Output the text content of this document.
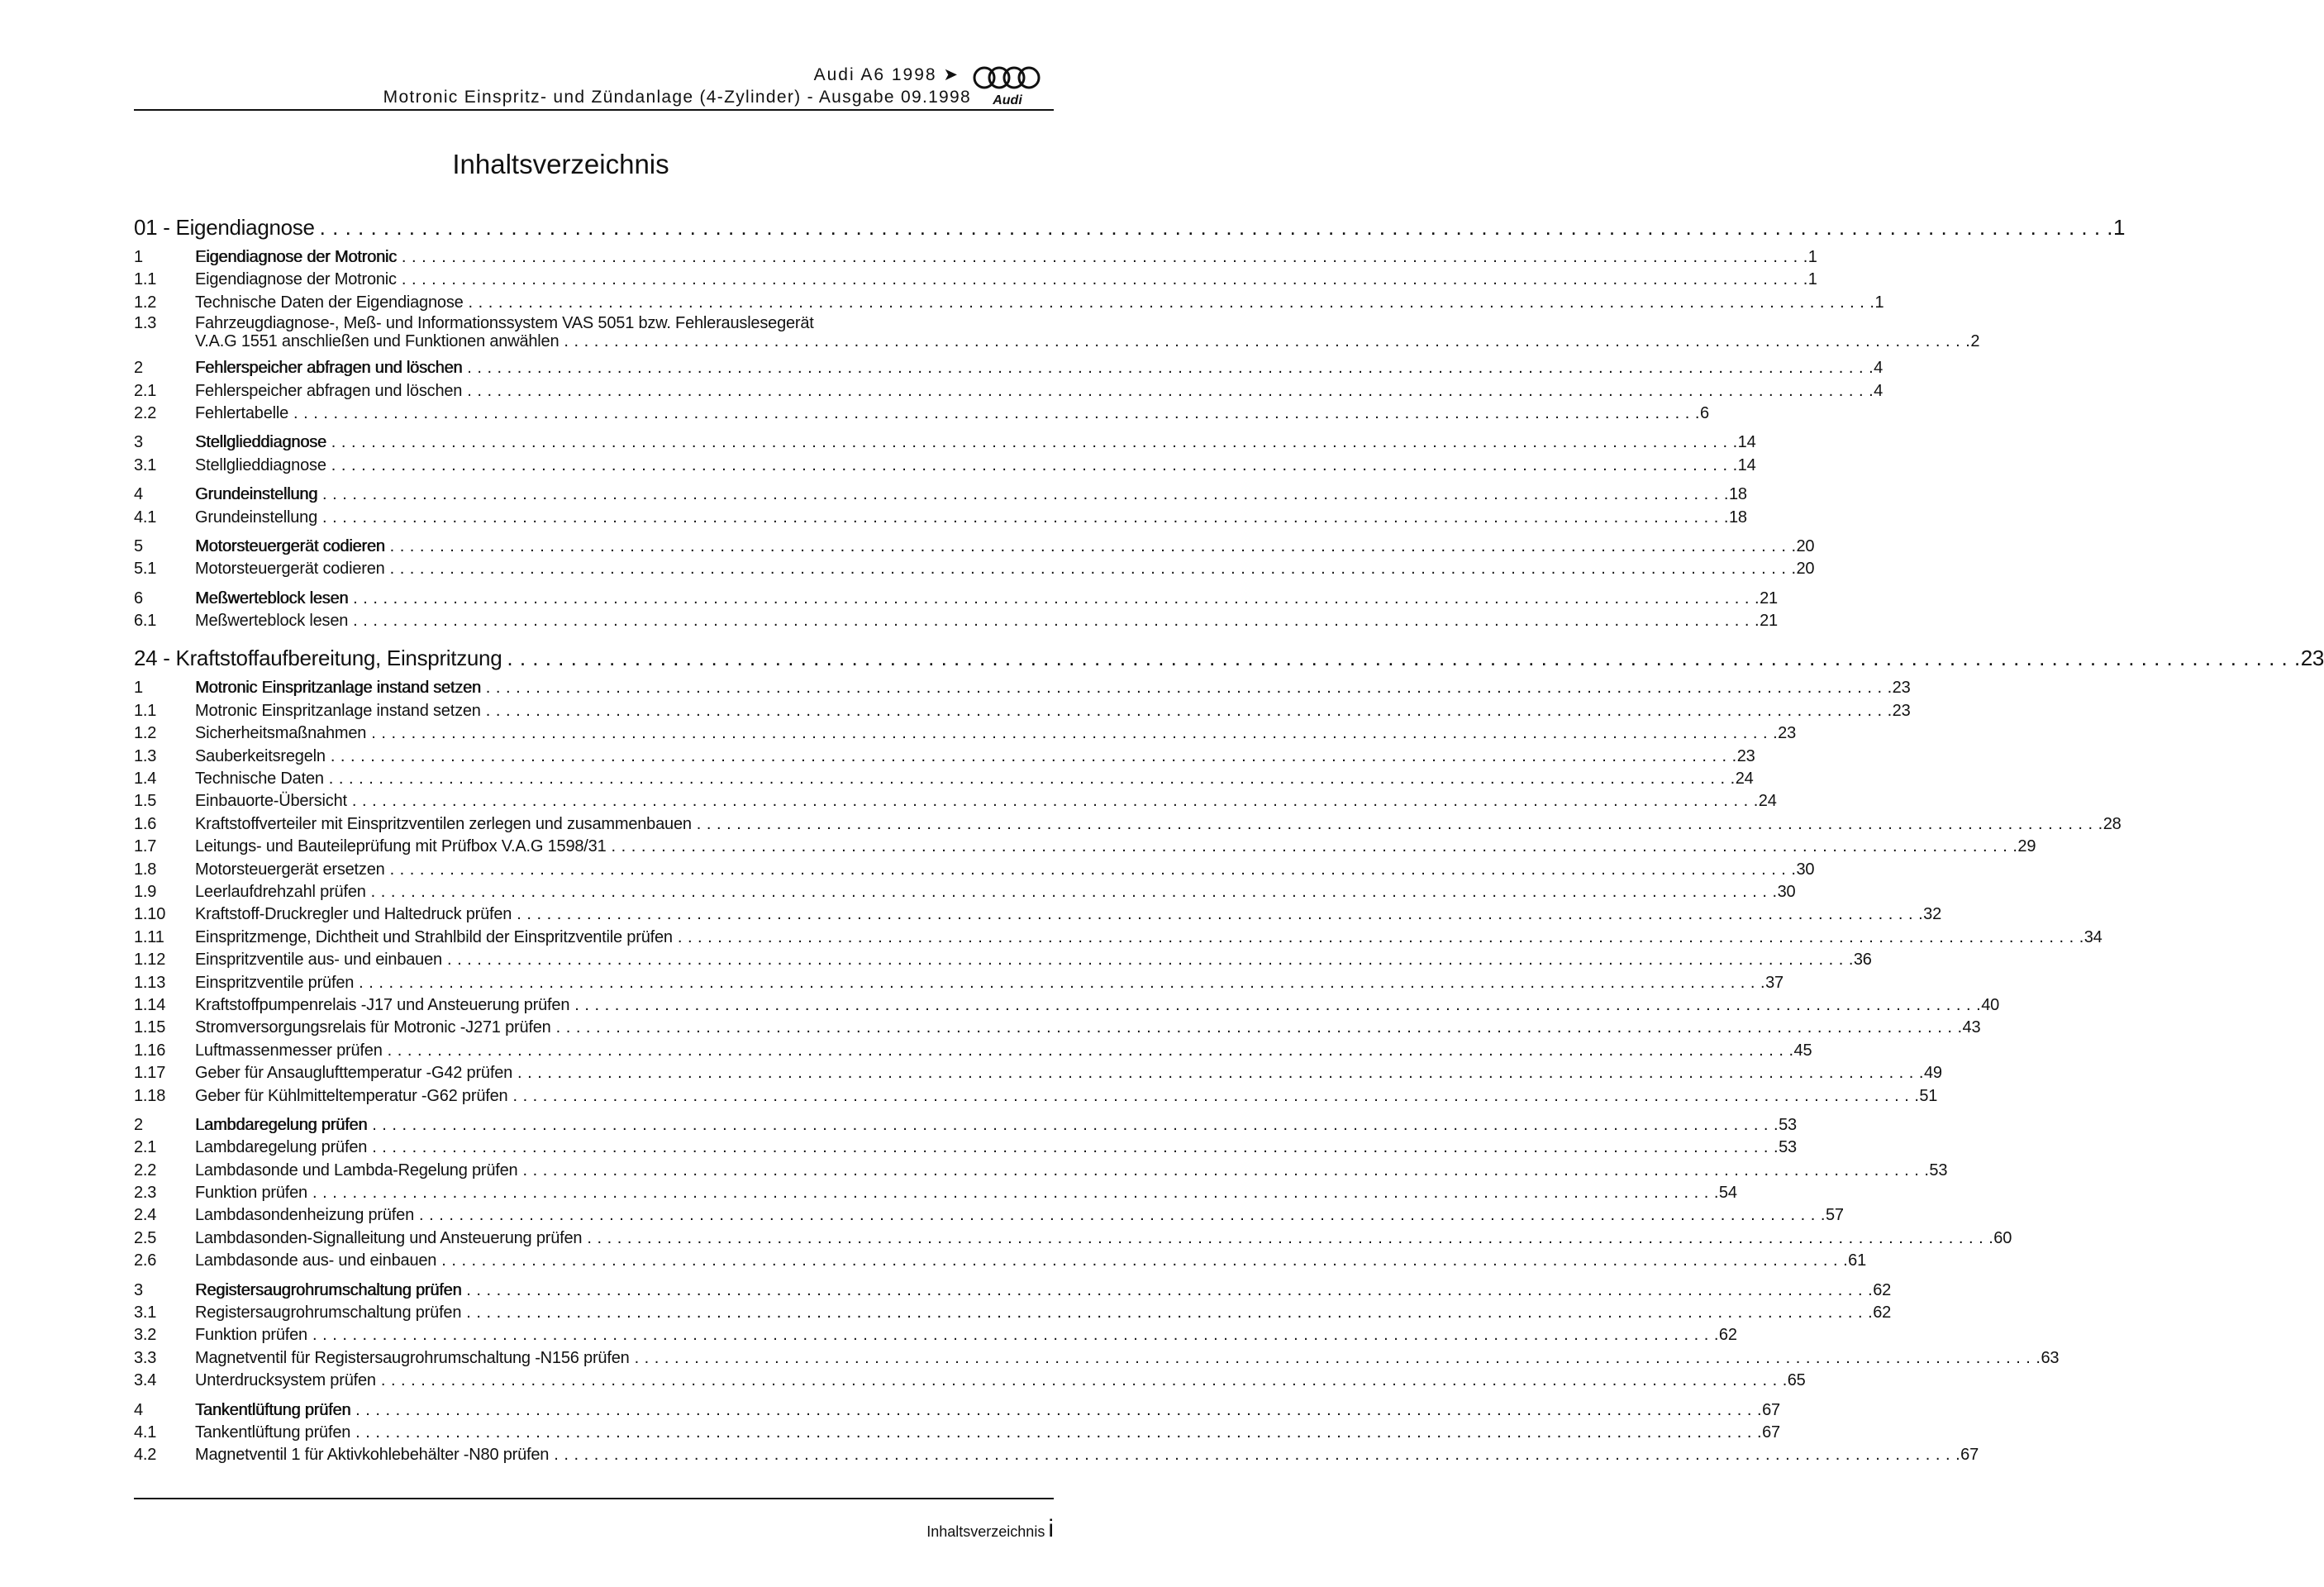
Audi A6 1998 ➤
Motronic Einspritz- und Zündanlage (4-Zylinder) - Ausgabe 09.1998 Audi
Inhaltsverzeichnis
01 - Eigendiagnose . . .	1
1	Eigendiagnose der Motronic . . .	1
1.1	Eigendiagnose der Motronic . . .	1
1.2	Technische Daten der Eigendiagnose . . .	1
1.3	Fahrzeugdiagnose-, Meß- und Informationssystem VAS 5051 bzw. Fehlerauslesegerät
V.A.G 1551 anschließen und Funktionen anwählen . . .	2
2	Fehlerspeicher abfragen und löschen . . .	4
2.1	Fehlerspeicher abfragen und löschen . . .	4
2.2	Fehlertabelle . . .	6
3	Stellglieddiagnose . . .	14
3.1	Stellglieddiagnose . . .	14
4	Grundeinstellung . . .	18
4.1	Grundeinstellung . . .	18
5	Motorsteuergerät codieren . . .	20
5.1	Motorsteuergerät codieren . . .	20
6	Meßwerteblock lesen . . .	21
6.1	Meßwerteblock lesen . . .	21
24 - Kraftstoffaufbereitung, Einspritzung . . .	23
1	Motronic Einspritzanlage instand setzen . . .	23
1.1	Motronic Einspritzanlage instand setzen . . .	23
1.2	Sicherheitsmaßnahmen . . .	23
1.3	Sauberkeitsregeln . . .	23
1.4	Technische Daten . . .	24
1.5	Einbauorte-Übersicht . . .	24
1.6	Kraftstoffverteiler mit Einspritzventilen zerlegen und zusammenbauen . . .	28
1.7	Leitungs- und Bauteileprüfung mit Prüfbox V.A.G 1598/31 . . .	29
1.8	Motorsteuergerät ersetzen . . .	30
1.9	Leerlaufdrehzahl prüfen . . .	30
1.10	Kraftstoff-Druckregler und Haltedruck prüfen . . .	32
1.11	Einspritzmenge, Dichtheit und Strahlbild der Einspritzventile prüfen . . .	34
1.12	Einspritzventile aus- und einbauen . . .	36
1.13	Einspritzventile prüfen . . .	37
1.14	Kraftstoffpumpenrelais -J17 und Ansteuerung prüfen . . .	40
1.15	Stromversorgungsrelais für Motronic -J271 prüfen . . .	43
1.16	Luftmassenmesser prüfen . . .	45
1.17	Geber für Ansauglufttemperatur -G42 prüfen . . .	49
1.18	Geber für Kühlmitteltemperatur -G62 prüfen . . .	51
2	Lambdaregelung prüfen . . .	53
2.1	Lambdaregelung prüfen . . .	53
2.2	Lambdasonde und Lambda-Regelung prüfen . . .	53
2.3	Funktion prüfen . . .	54
2.4	Lambdasondenheizung prüfen . . .	57
2.5	Lambdasonden-Signalleitung und Ansteuerung prüfen . . .	60
2.6	Lambdasonde aus- und einbauen . . .	61
3	Registersaugrohrumschaltung prüfen . . .	62
3.1	Registersaugrohrumschaltung prüfen . . .	62
3.2	Funktion prüfen . . .	62
3.3	Magnetventil für Registersaugrohrumschaltung -N156 prüfen . . .	63
3.4	Unterdrucksystem prüfen . . .	65
4	Tankentlüftung prüfen . . .	67
4.1	Tankentlüftung prüfen . . .	67
4.2	Magnetventil 1 für Aktivkohlebehälter -N80 prüfen . . .	67
Inhaltsverzeichnis i
